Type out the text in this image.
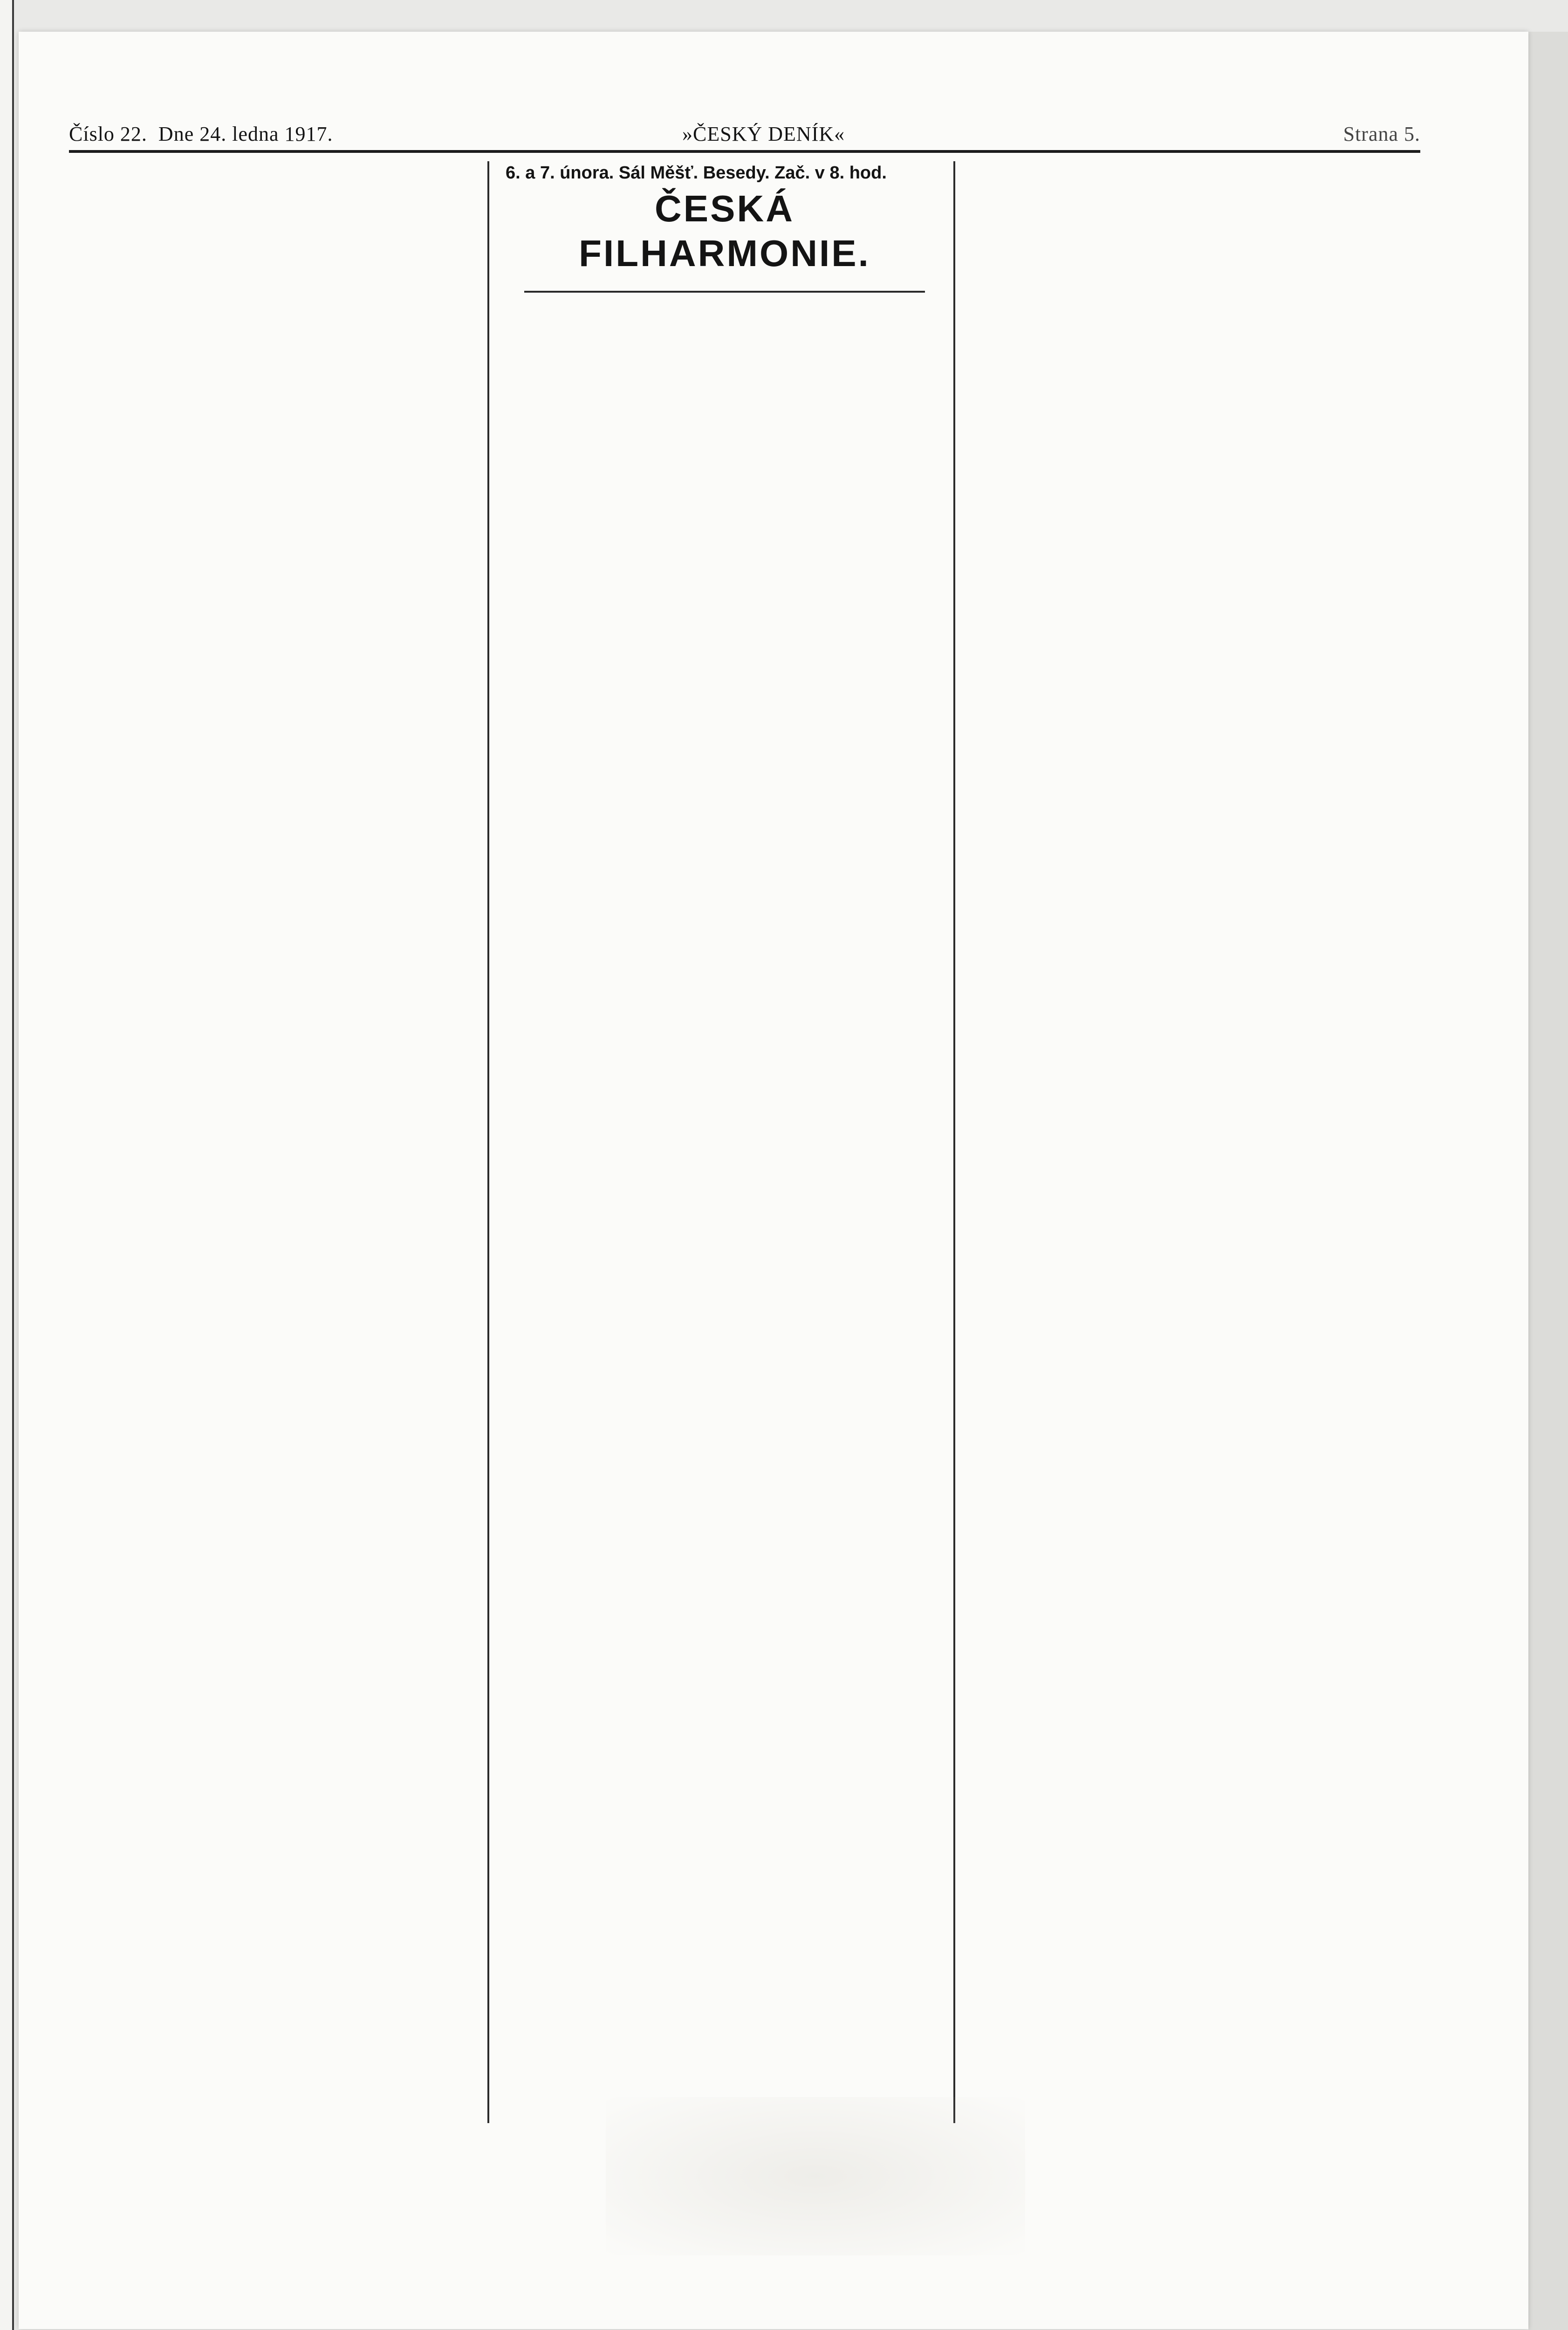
Číslo 22. Dne 24. ledna 1917.	»ČESKÝ DENÍK«	Strana 5.
6. a 7. února. Sál Měšť. Besedy. Zač. v 8. hod.
ČESKÁ FILHARMONIE.
